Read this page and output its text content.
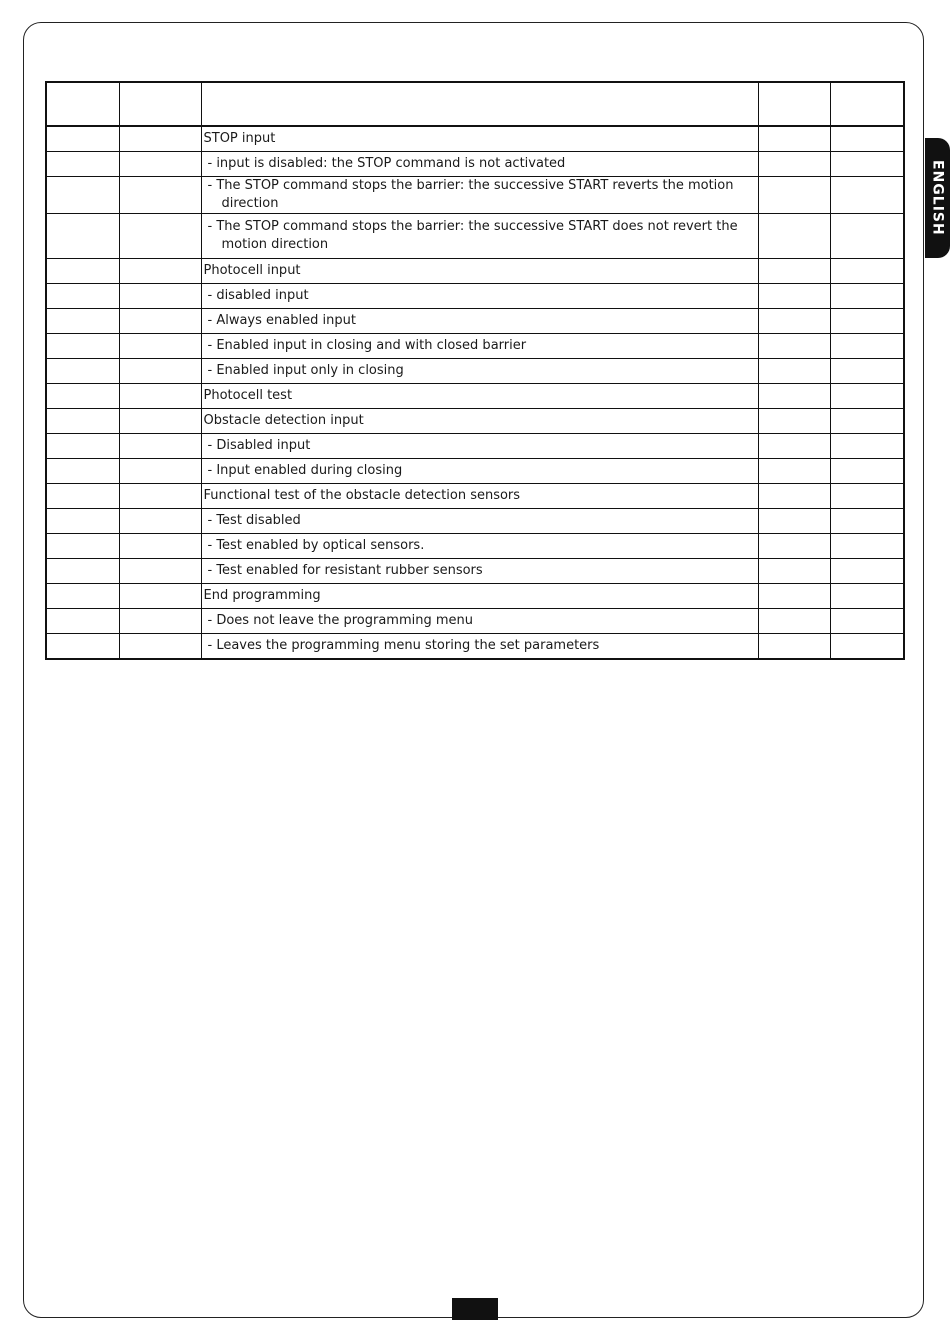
ENGLISH

		STOP input		
		- input is disabled: the STOP command is not activated		
		- The STOP command stops the barrier: the successive START reverts the motion direction		
		- The STOP command stops the barrier: the successive START does not revert the motion direction		
		Photocell input		
		- disabled input		
		- Always enabled input		
		- Enabled input in closing and with closed barrier		
		- Enabled input only in closing		
		Photocell test		
		Obstacle detection input		
		- Disabled input		
		- Input enabled during closing		
		Functional test of the obstacle detection sensors		
		- Test disabled		
		- Test enabled by optical sensors.		
		- Test enabled for resistant rubber sensors		
		End programming		
		- Does not leave the programming menu		
		- Leaves the programming menu storing the set parameters		
